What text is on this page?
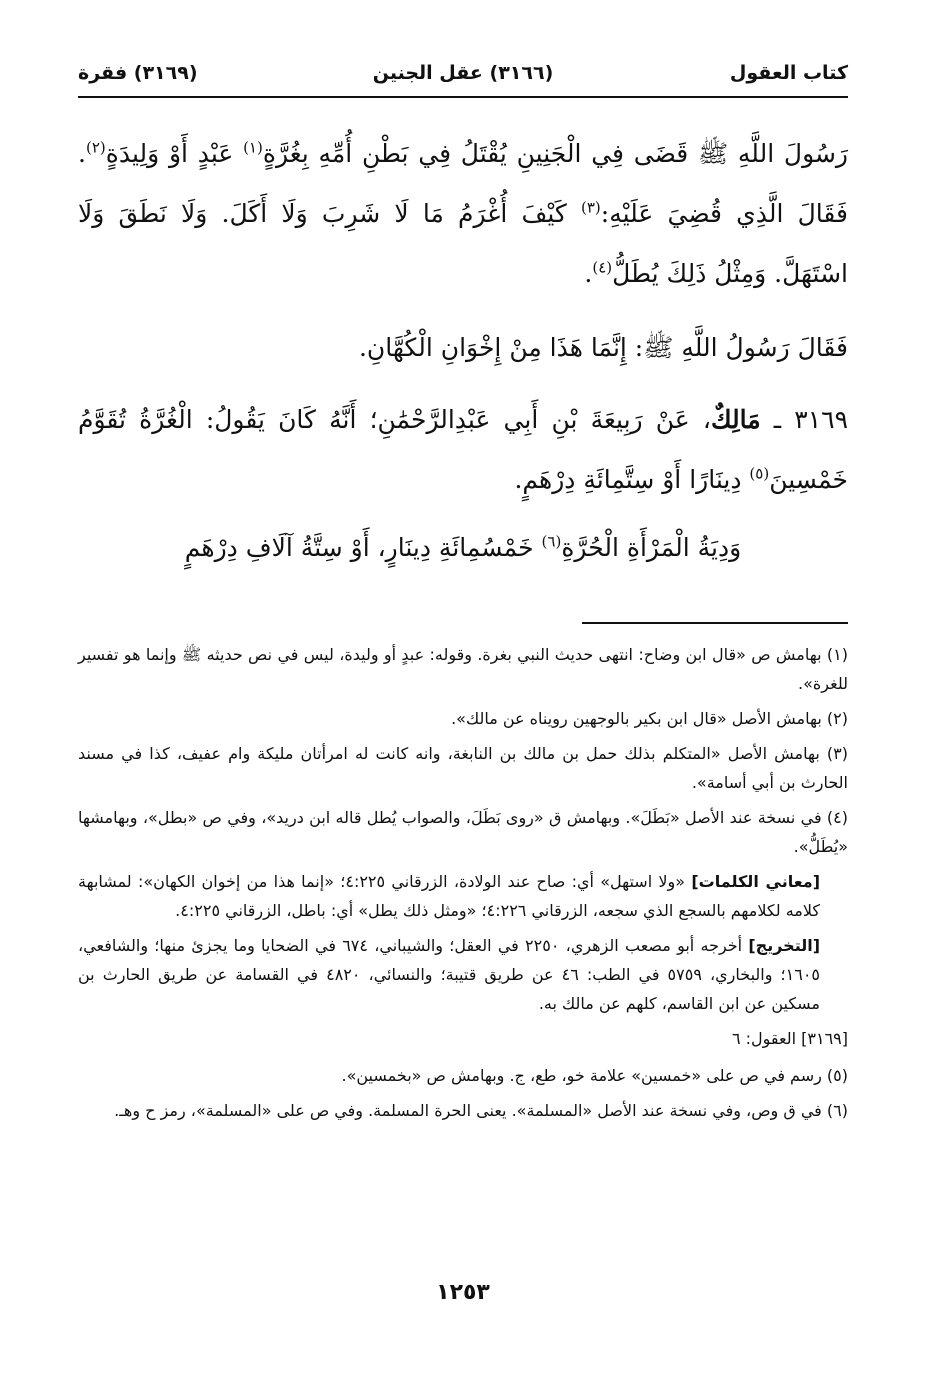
كتاب العقول
(٣١٦٦) عقل الجنين
(٣١٦٩) فقرة

رَسُولَ اللَّهِ ﷺ قَضَى فِي الْجَنِينِ يُقْتَلُ فِي بَطْنِ أُمِّهِ بِغُرَّةٍ$^{(١)}$ عَبْدٍ أَوْ وَلِيدَةٍ$^{(٢)}$. فَقَالَ الَّذِي قُضِيَ عَلَيْهِ:$^{(٣)}$ كَيْفَ أُغْرَمُ مَا لَا شَرِبَ وَلَا أَكَلَ. وَلَا نَطَقَ وَلَا اسْتَهَلَّ. وَمِثْلُ ذَلِكَ يُطَلُّ$^{(٤)}$.

فَقَالَ رَسُولُ اللَّهِ ﷺ: إِنَّمَا هَذَا مِنْ إِخْوَانِ الْكُهَّانِ.

٣١٦٩ ـ مَالِكٌ، عَنْ رَبِيعَةَ بْنِ أَبِي عَبْدِالرَّحْمَٰنِ؛ أَنَّهُ كَانَ يَقُولُ: الْغُرَّةُ تُقَوَّمُ خَمْسِينَ$^{(٥)}$ دِينَارًا أَوْ سِتَّمِائَةِ دِرْهَمٍ.

وَدِيَةُ الْمَرْأَةِ الْحُرَّةِ$^{(٦)}$ خَمْسُمِائَةِ دِينَارٍ، أَوْ سِتَّةُ آلَافِ دِرْهَمٍ

(١) بهامش ص «قال ابن وضاح: انتهى حديث النبي بغرة. وقوله: عبدٍ أو وليدة، ليس في نص حديثه ﷺ وإنما هو تفسير للغرة».

(٢) بهامش الأصل «قال ابن بكير بالوجهين رويناه عن مالك».

(٣) بهامش الأصل «المتكلم بذلك حمل بن مالك بن النابغة، وانه كانت له امرأتان مليكة وام عفيف، كذا في مسند الحارث بن أبي أسامة».

(٤) في نسخة عند الأصل «بَطَلَ». وبهامش ق «روى بَطَلَ، والصواب يُطل قاله ابن دريد»، وفي ص «بطل»، وبهامشها «يُطَلُّ».

[معاني الكلمات] «ولا استهل» أي: صاح عند الولادة، الزرقاني ٤:٢٢٥؛ «إنما هذا من إخوان الكهان»: لمشابهة كلامه لكلامهم بالسجع الذي سجعه، الزرقاني ٤:٢٢٦؛ «ومثل ذلك يطل» أي: باطل، الزرقاني ٤:٢٢٥.

[التخريج] أخرجه أبو مصعب الزهري، ٢٢٥٠ في العقل؛ والشيباني، ٦٧٤ في الضحايا وما يجزئ منها؛ والشافعي، ١٦٠٥؛ والبخاري، ٥٧٥٩ في الطب: ٤٦ عن طريق قتيبة؛ والنسائي، ٤٨٢٠ في القسامة عن طريق الحارث بن مسكين عن ابن القاسم، كلهم عن مالك به.

[٣١٦٩] العقول: ٦

(٥) رسم في ص على «خمسين» علامة خو، طع، ج. وبهامش ص «بخمسين».

(٦) في ق وص، وفي نسخة عند الأصل «المسلمة». يعنى الحرة المسلمة. وفي ص على «المسلمة»، رمز ح وهـ.

١٢٥٣
